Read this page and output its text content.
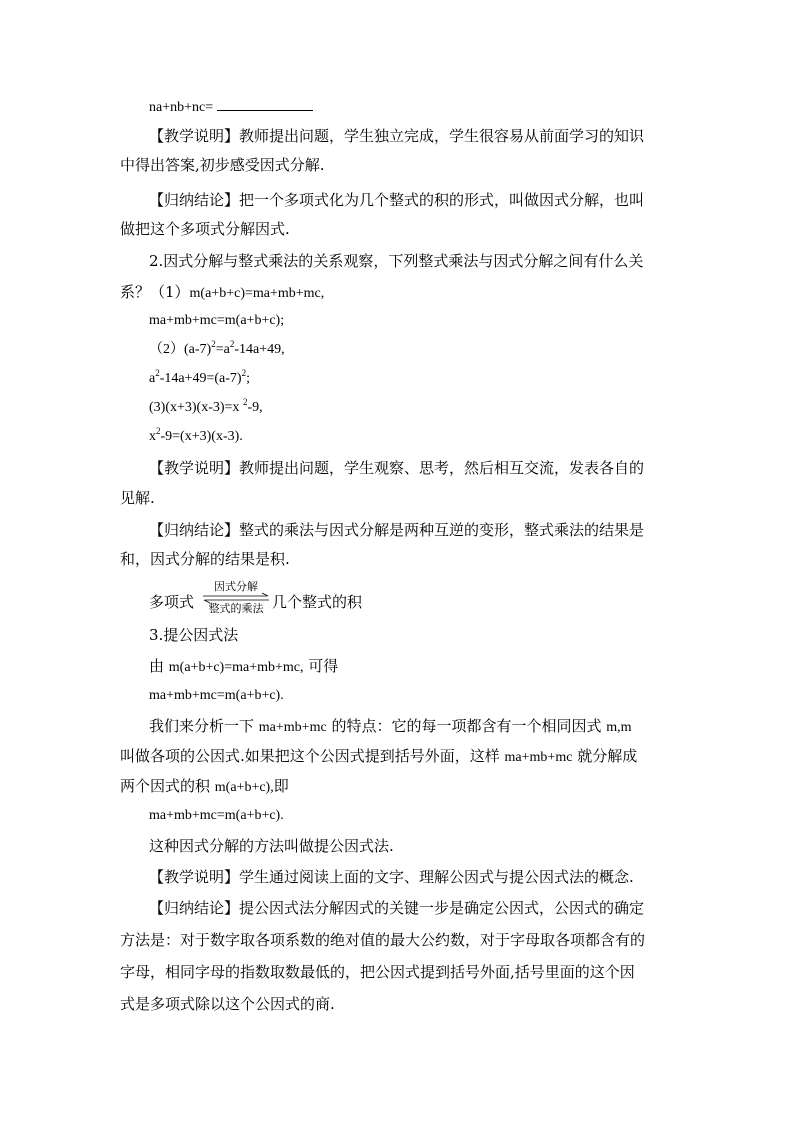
na+nb+nc=
【教学说明】教师提出问题，学生独立完成，学生很容易从前面学习的知识
中得出答案,初步感受因式分解.
【归纳结论】把一个多项式化为几个整式的积的形式，叫做因式分解，也叫
做把这个多项式分解因式.
2.因式分解与整式乘法的关系观察，下列整式乘法与因式分解之间有什么关
系？（1）m(a+b+c)=ma+mb+mc,
ma+mb+mc=m(a+b+c);
$(2)(a-7)^2=a^2-14a+49$,
$a^2-14a+49=(a-7)^2$;
(3)(x+3)(x-3)=x $^2$-9,
$x^2-9=(x+3)(x-3)$.
【教学说明】教师提出问题，学生观察、思考，然后相互交流，发表各自的
见解.
【归纳结论】整式的乘法与因式分解是两种互逆的变形，整式乘法的结果是
和，因式分解的结果是积.
多项式
因式分解
整式的乘法 几个整式的积
3.提公因式法
由 m(a+b+c)=ma+mb+mc, 可得
ma+mb+mc=m(a+b+c).
我们来分析一下 ma+mb+mc 的特点：它的每一项都含有一个相同因式 m,m
叫做各项的公因式.如果把这个公因式提到括号外面，这样 ma+mb+mc 就分解成
两个因式的积 m(a+b+c),即
ma+mb+mc=m(a+b+c).
这种因式分解的方法叫做提公因式法.
【教学说明】学生通过阅读上面的文字、理解公因式与提公因式法的概念.
【归纳结论】提公因式法分解因式的关键一步是确定公因式，公因式的确定
方法是：对于数字取各项系数的绝对值的最大公约数，对于字母取各项都含有的
字母，相同字母的指数取数最低的，把公因式提到括号外面,括号里面的这个因
式是多项式除以这个公因式的商.
